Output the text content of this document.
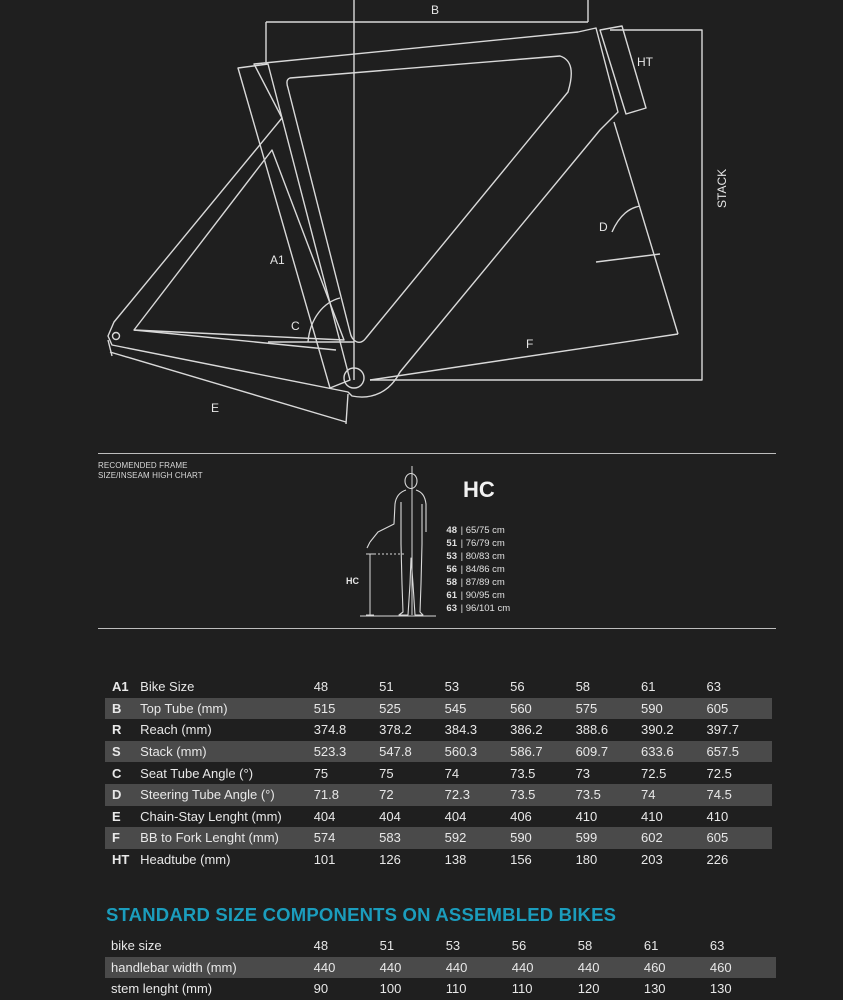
B
HT
STACK
D
A1
C
F
E
RECOMENDED FRAME
SIZE/INSEAM HIGH CHART
HC
HC
48 | 65/75 cm
51 | 76/79 cm
53 | 80/83 cm
56 | 84/86 cm
58 | 87/89 cm
61 | 90/95 cm
63 | 96/101 cm
A1	Bike Size	48	51	53	56	58	61	63
B	Top Tube (mm)	515	525	545	560	575	590	605
R	Reach (mm)	374.8	378.2	384.3	386.2	388.6	390.2	397.7
S	Stack (mm)	523.3	547.8	560.3	586.7	609.7	633.6	657.5
C	Seat Tube Angle (°)	75	75	74	73.5	73	72.5	72.5
D	Steering Tube Angle (°)	71.8	72	72.3	73.5	73.5	74	74.5
E	Chain-Stay Lenght (mm)	404	404	404	406	410	410	410
F	BB to Fork Lenght (mm)	574	583	592	590	599	602	605
HT	Headtube (mm)	101	126	138	156	180	203	226
STANDARD SIZE COMPONENTS ON ASSEMBLED BIKES
bike size	48	51	53	56	58	61	63
handlebar width (mm)	440	440	440	440	440	460	460
stem lenght (mm)	90	100	110	110	120	130	130
